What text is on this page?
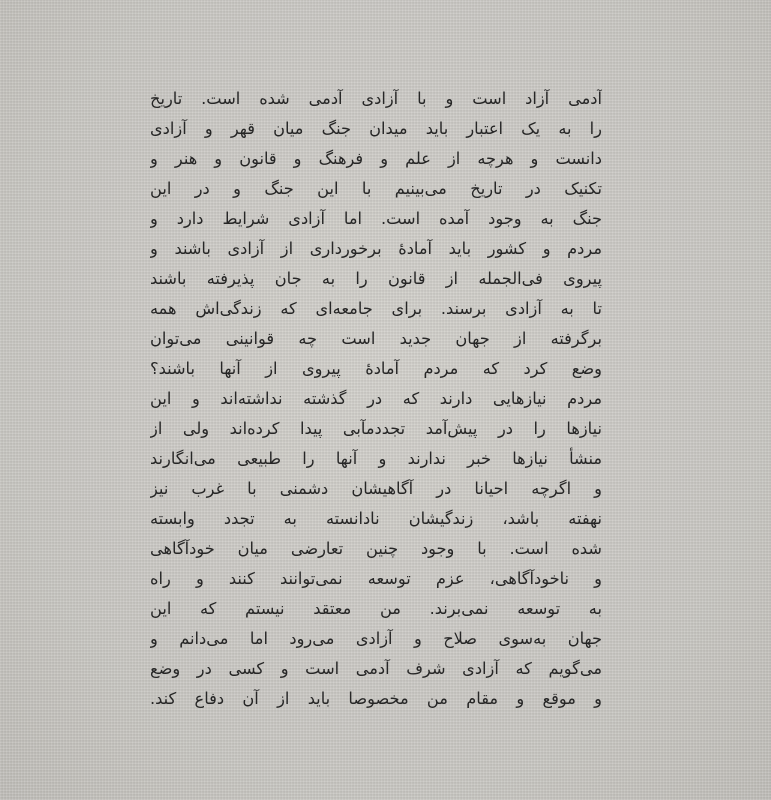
آدمی آزاد است و با آزادی آدمی شده است. تاریخ
را به یک اعتبار باید میدان جنگ میان قهر و آزادی
دانست و هرچه از علم و فرهنگ و قانون و هنر و
تکنیک در تاریخ می‌بینیم با این جنگ و در این
جنگ به وجود آمده است. اما آزادی شرایط دارد و
مردم و کشور باید آمادهٔ برخورداری از آزادی باشند و
پیروی فی‌الجمله از قانون را به جان پذیرفته باشند
تا به آزادی برسند. برای جامعه‌ای که زندگی‌اش همه
برگرفته از جهان جدید است چه قوانینی می‌توان
وضع کرد که مردم آمادهٔ پیروی از آنها باشند؟
مردم نیازهایی دارند که در گذشته نداشته‌اند و این
نیازها را در پیش‌آمد تجددمآبی پیدا کرده‌اند ولی از
منشأ نیازها خبر ندارند و آنها را طبیعی می‌انگارند
و اگرچه احیانا در آگاهیشان دشمنی با غرب نیز
نهفته باشد، زندگیشان نادانسته به تجدد وابسته
شده است. با وجود چنین تعارضی میان خودآگاهی
و ناخودآگاهی، عزم توسعه نمی‌توانند کنند و راه
به توسعه نمی‌برند. من معتقد نیستم که این
جهان به‌سوی صلاح و آزادی می‌رود اما می‌دانم و
می‌گویم که آزادی شرف آدمی است و کسی در وضع
و موقع و مقام من مخصوصا باید از آن دفاع کند.
